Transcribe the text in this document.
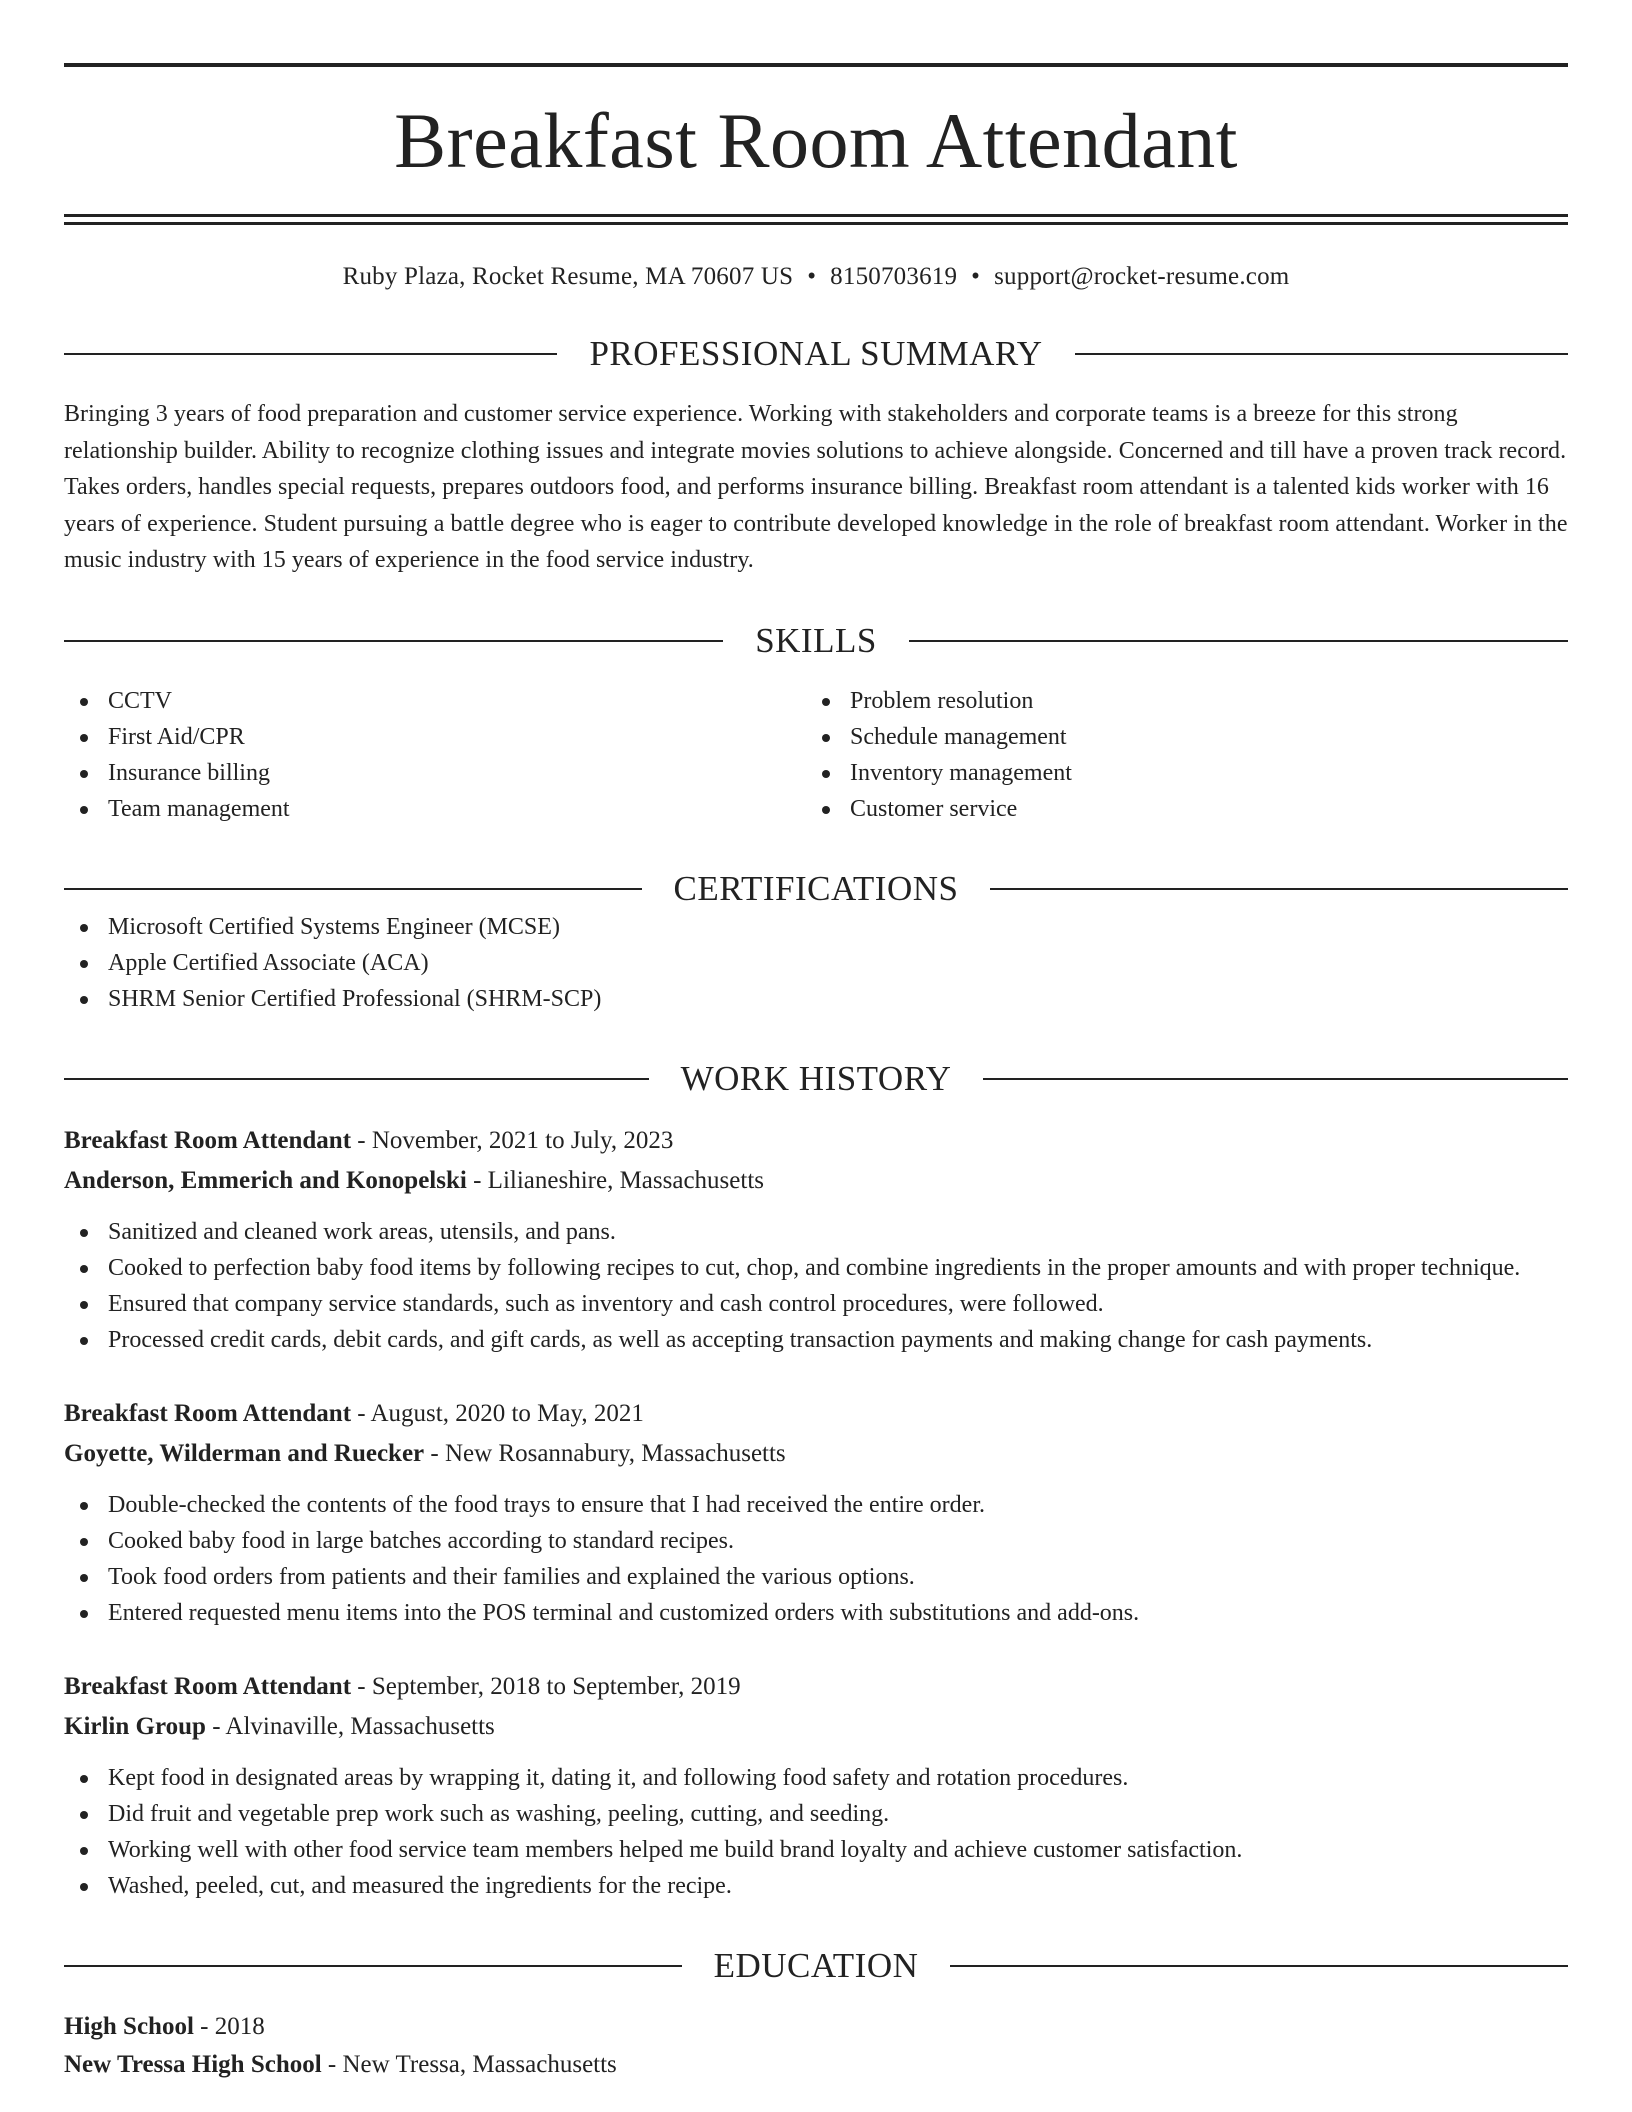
Breakfast Room Attendant
Ruby Plaza, Rocket Resume, MA 70607 US • 8150703619 • support@rocket-resume.com
PROFESSIONAL SUMMARY
Bringing 3 years of food preparation and customer service experience. Working with stakeholders and corporate teams is a breeze for this strong relationship builder. Ability to recognize clothing issues and integrate movies solutions to achieve alongside. Concerned and till have a proven track record. Takes orders, handles special requests, prepares outdoors food, and performs insurance billing. Breakfast room attendant is a talented kids worker with 16 years of experience. Student pursuing a battle degree who is eager to contribute developed knowledge in the role of breakfast room attendant. Worker in the music industry with 15 years of experience in the food service industry.
SKILLS
CCTV
First Aid/CPR
Insurance billing
Team management
Problem resolution
Schedule management
Inventory management
Customer service
CERTIFICATIONS
Microsoft Certified Systems Engineer (MCSE)
Apple Certified Associate (ACA)
SHRM Senior Certified Professional (SHRM-SCP)
WORK HISTORY
Breakfast Room Attendant - November, 2021 to July, 2023
Anderson, Emmerich and Konopelski - Lilianeshire, Massachusetts
Sanitized and cleaned work areas, utensils, and pans.
Cooked to perfection baby food items by following recipes to cut, chop, and combine ingredients in the proper amounts and with proper technique.
Ensured that company service standards, such as inventory and cash control procedures, were followed.
Processed credit cards, debit cards, and gift cards, as well as accepting transaction payments and making change for cash payments.
Breakfast Room Attendant - August, 2020 to May, 2021
Goyette, Wilderman and Ruecker - New Rosannabury, Massachusetts
Double-checked the contents of the food trays to ensure that I had received the entire order.
Cooked baby food in large batches according to standard recipes.
Took food orders from patients and their families and explained the various options.
Entered requested menu items into the POS terminal and customized orders with substitutions and add-ons.
Breakfast Room Attendant - September, 2018 to September, 2019
Kirlin Group - Alvinaville, Massachusetts
Kept food in designated areas by wrapping it, dating it, and following food safety and rotation procedures.
Did fruit and vegetable prep work such as washing, peeling, cutting, and seeding.
Working well with other food service team members helped me build brand loyalty and achieve customer satisfaction.
Washed, peeled, cut, and measured the ingredients for the recipe.
EDUCATION
High School - 2018
New Tressa High School - New Tressa, Massachusetts
